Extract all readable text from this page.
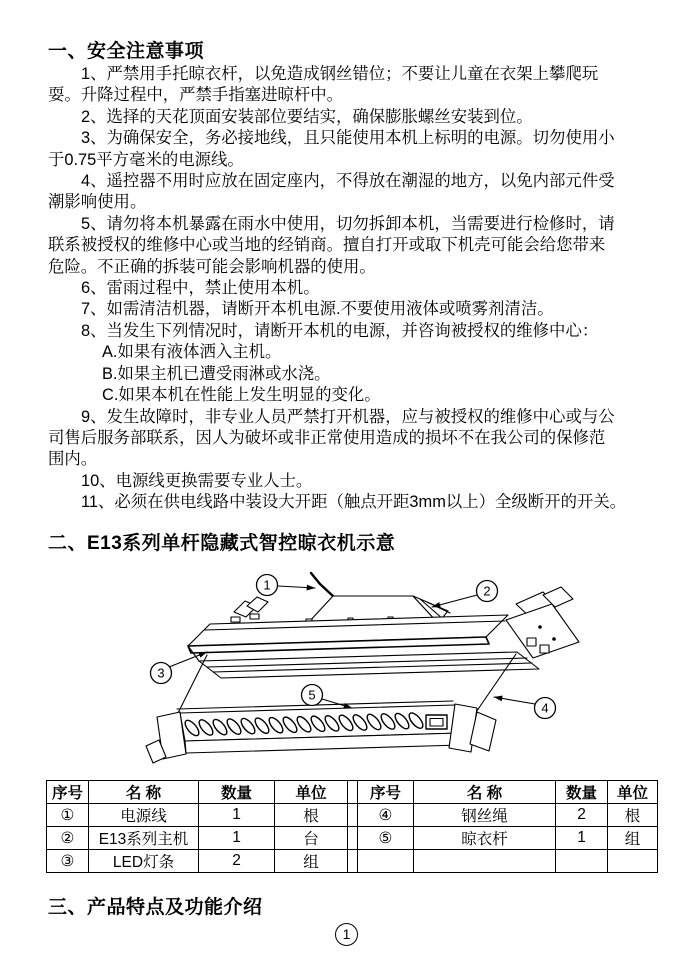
一、安全注意事项
1、严禁用手托晾衣杆，以免造成钢丝错位；不要让儿童在衣架上攀爬玩
耍。升降过程中，严禁手指塞进晾杆中。
2、选择的天花顶面安装部位要结实，确保膨胀螺丝安装到位。
3、为确保安全，务必接地线，且只能使用本机上标明的电源。切勿使用小
于0.75平方毫米的电源线。
4、遥控器不用时应放在固定座内，不得放在潮湿的地方，以免内部元件受
潮影响使用。
5、请勿将本机暴露在雨水中使用，切勿拆卸本机，当需要进行检修时，请
联系被授权的维修中心或当地的经销商。擅自打开或取下机壳可能会给您带来
危险。不正确的拆装可能会影响机器的使用。
6、雷雨过程中，禁止使用本机。
7、如需清洁机器，请断开本机电源.不要使用液体或喷雾剂清洁。
8、当发生下列情况时，请断开本机的电源，并咨询被授权的维修中心：
A.如果有液体洒入主机。
B.如果主机已遭受雨淋或水浇。
C.如果本机在性能上发生明显的变化。
9、发生故障时，非专业人员严禁打开机器，应与被授权的维修中心或与公
司售后服务部联系，因人为破坏或非正常使用造成的损坏不在我公司的保修范
围内。
10、电源线更换需要专业人士。
11、必须在供电线路中装设大开距（触点开距3mm以上）全级断开的开关。
二、E13系列单杆隐藏式智控晾衣机示意
1	2
3
4
5
序号	名 称	数量	单位		序号	名 称	数量	单位
①	电源线	1	根		④	钢丝绳	2	根
②	E13系列主机	1	台		⑤	晾衣杆	1	组
③	LED灯条	2	组					
三、产品特点及功能介绍
1
